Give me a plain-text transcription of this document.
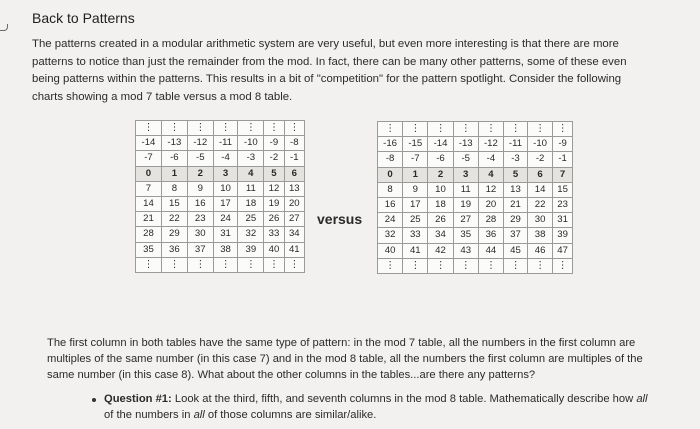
Back to Patterns
The patterns created in a modular arithmetic system are very useful, but even more interesting is that there are more patterns to notice than just the remainder from the mod. In fact, there can be many other patterns, some of these even being patterns within the patterns. This results in a bit of "competition" for the pattern spotlight. Consider the following charts showing a mod 7 table versus a mod 8 table.
⋮	⋮	⋮	⋮	⋮	⋮	⋮
-14	-13	-12	-11	-10	-9	-8
-7	-6	-5	-4	-3	-2	-1
0	1	2	3	4	5	6
7	8	9	10	11	12	13
14	15	16	17	18	19	20
21	22	23	24	25	26	27
28	29	30	31	32	33	34
35	36	37	38	39	40	41
⋮	⋮	⋮	⋮	⋮	⋮	⋮
versus
⋮	⋮	⋮	⋮	⋮	⋮	⋮	⋮
-16	-15	-14	-13	-12	-11	-10	-9
-8	-7	-6	-5	-4	-3	-2	-1
0	1	2	3	4	5	6	7
8	9	10	11	12	13	14	15
16	17	18	19	20	21	22	23
24	25	26	27	28	29	30	31
32	33	34	35	36	37	38	39
40	41	42	43	44	45	46	47
⋮	⋮	⋮	⋮	⋮	⋮	⋮	⋮
The first column in both tables have the same type of pattern: in the mod 7 table, all the numbers in the first column are multiples of the same number (in this case 7) and in the mod 8 table, all the numbers the first column are multiples of the same number (in this case 8). What about the other columns in the tables...are there any patterns?
Question #1: Look at the third, fifth, and seventh columns in the mod 8 table. Mathematically describe how all of the numbers in all of those columns are similar/alike.
